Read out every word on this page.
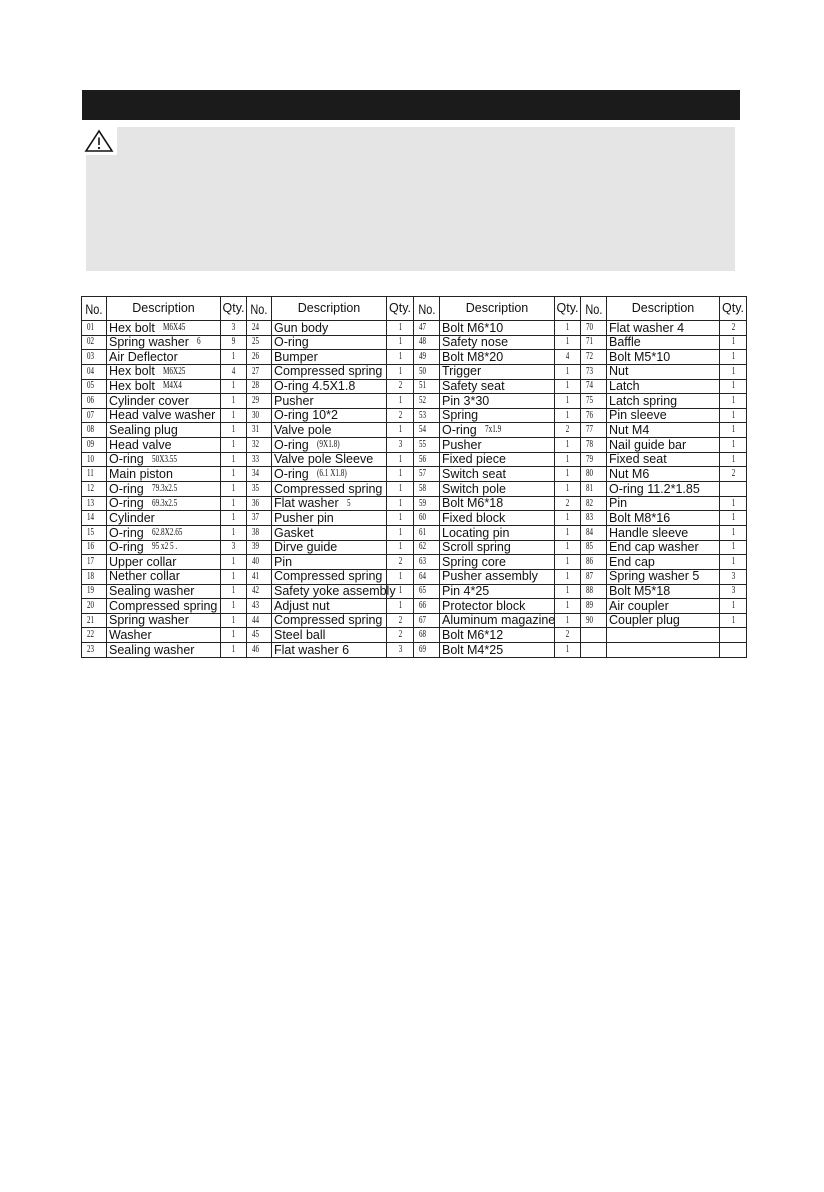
No. Description Qty. No. Description Qty. No. Description Qty. No. Description Qty.
01 Hex bolt M6X45	3 24 Gun body	1 47 Bolt M6*10	1 70 Flat washer 4	2
02 Spring washer 6	9 25 O-ring	1 48 Safety nose	1 71 Baffle	1
03 Air Deflector	1 26 Bumper	1 49 Bolt M8*20	4 72 Bolt M5*10	1
04 Hex bolt M6X25	4 27 Compressed spring 1 50 Trigger	1 73 Nut	1
05 Hex bolt M4X4	1 28 O-ring 4.5X1.8	2 51 Safety seat	1 74 Latch	1
06 Cylinder cover	1 29 Pusher	1 52 Pin 3*30	1 75 Latch spring	1
07 Head valve washer 1 30 O-ring 10*2	2 53 Spring	1 76 Pin sleeve	1
08 Sealing plug	1 31 Valve pole	1 54 O-ring 7x1.9	2 77 Nut M4	1
09 Head valve	1 32 O-ring (9X1.8)	3 55 Pusher	1 78 Nail guide bar	1
10 O-ring 50X3.55	1 33 Valve pole Sleeve	1 56 Fixed piece	1 79 Fixed seat	1
11 Main piston	1 34 O-ring (6.1 X1.8)	1 57 Switch seat	1 80 Nut M6	2
12 O-ring 79.3x2.5	1 35 Compressed spring 1 58 Switch pole	1 81 O-ring 11.2*1.85
13 O-ring 69.3x2.5	1 36 Flat washer 5	1 59 Bolt M6*18	2 82 Pin	1
14 Cylinder	1 37 Pusher pin	1 60 Fixed block	1 83 Bolt M8*16	1
15 O-ring 62.8X2.65	1 38 Gasket	1 61 Locating pin	1 84 Handle sleeve	1
16 O-ring 95 x2 5 .	3 39 Dirve guide	1 62 Scroll spring	1 85 End cap washer	1
17 Upper collar	1 40 Pin	2 63 Spring core	1 86 End cap	1
18 Nether collar	1 41 Compressed spring 1 64 Pusher assembly	1 87 Spring washer 5	3
19 Sealing washer	1 42 Safety yoke assembly 1 65 Pin 4*25	1 88 Bolt M5*18	3
20 Compressed spring 1 43 Adjust nut	1 66 Protector block	1 89 Air coupler	1
21 Spring washer	1 44 Compressed spring 2 67 Aluminum magazine 1 90 Coupler plug	1
22 Washer	1 45 Steel ball	2 68 Bolt M6*12	2
23 Sealing washer	1 46 Flat washer 6	3 69 Bolt M4*25	1
